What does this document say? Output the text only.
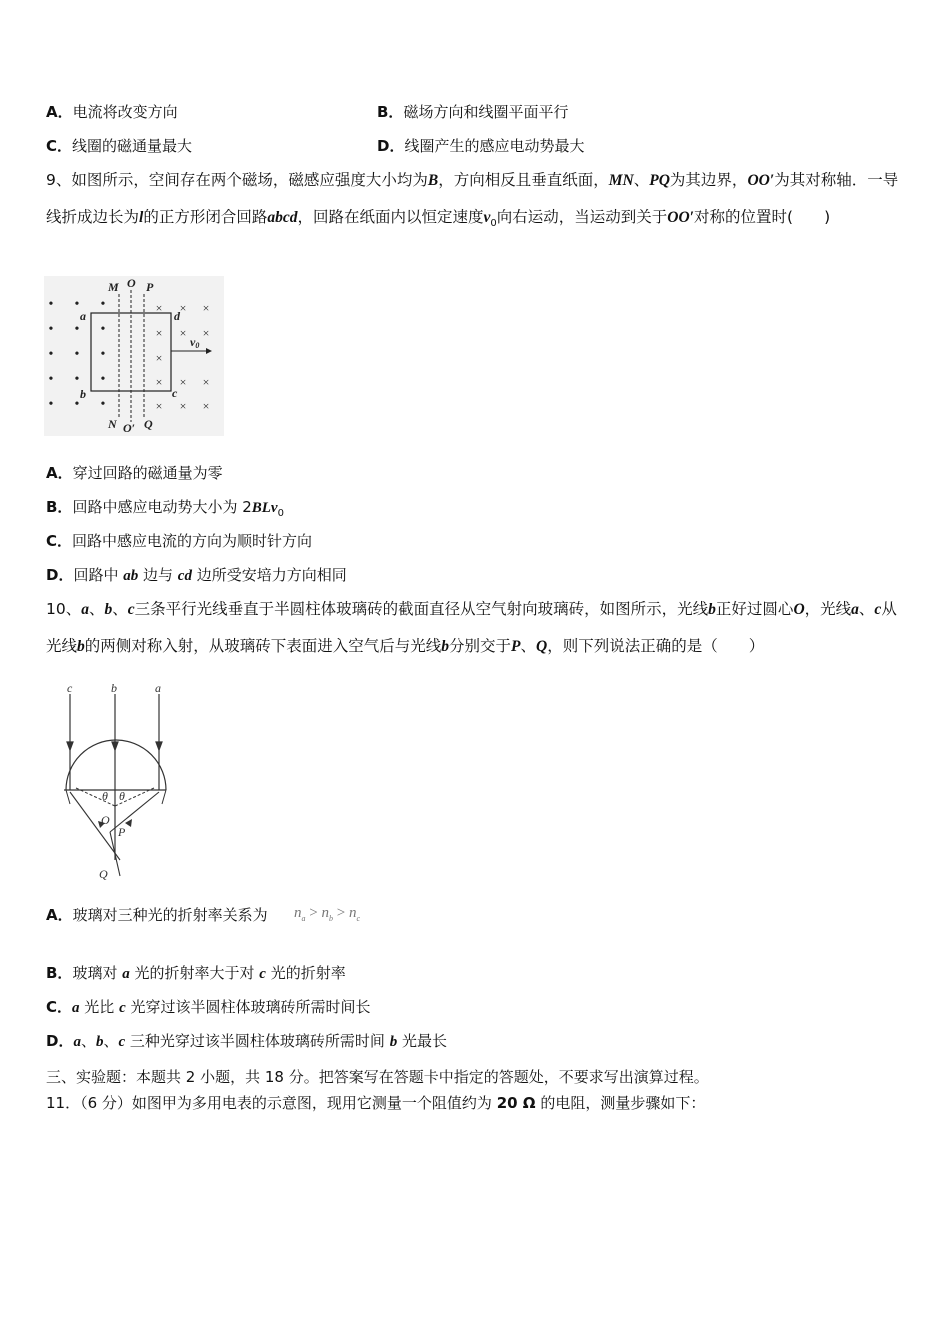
A．电流将改变方向	B．磁场方向和线圈平面平行
C．线圈的磁通量最大	D．线圈产生的感应电动势最大
9、如图所示，空间存在两个磁场，磁感应强度大小均为B，方向相反且垂直纸面，MN、PQ为其边界，OO′为其对称轴．一导线折成边长为l的正方形闭合回路abcd，回路在纸面内以恒定速度$v_0$向右运动，当运动到关于OO′对称的位置时(　　)
• • •
• • •
• • •
• • •
• • •
× × ×
× × ×
×
× × ×
× × ×
M O P
a	d
b	c
N O′ Q
v0
A．穿过回路的磁通量为零
B．回路中感应电动势大小为 2BLv$_0$
C．回路中感应电流的方向为顺时针方向
D．回路中 ab 边与 cd 边所受安培力方向相同
10、a、b、c三条平行光线垂直于半圆柱体玻璃砖的截面直径从空气射向玻璃砖，如图所示，光线b正好过圆心O，光线a、c从光线b的两侧对称入射，从玻璃砖下表面进入空气后与光线b分别交于P、Q，则下列说法正确的是（　　）
c	b	a
θ θ
O
P
Q
A．玻璃对三种光的折射率关系为 $n_a > n_b > n_c$
B．玻璃对 a 光的折射率大于对 c 光的折射率
C．a 光比 c 光穿过该半圆柱体玻璃砖所需时间长
D．a、b、c 三种光穿过该半圆柱体玻璃砖所需时间 b 光最长
三、实验题：本题共 2 小题，共 18 分。把答案写在答题卡中指定的答题处，不要求写出演算过程。
11．（6 分）如图甲为多用电表的示意图，现用它测量一个阻值约为 20 Ω 的电阻，测量步骤如下：
